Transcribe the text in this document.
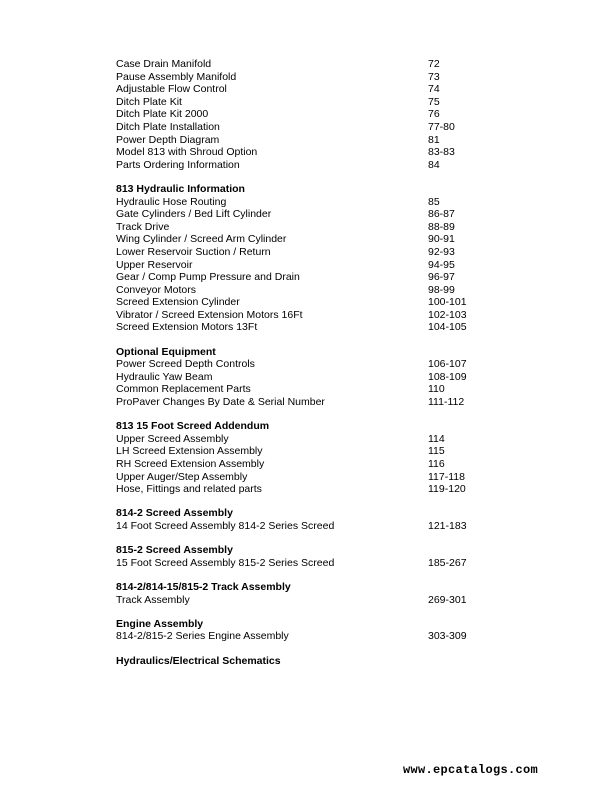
Case Drain Manifold	72
Pause Assembly Manifold	73
Adjustable Flow Control	74
Ditch Plate Kit	75
Ditch Plate Kit 2000	76
Ditch Plate Installation	77-80
Power Depth Diagram	81
Model 813 with Shroud Option	83-83
Parts Ordering Information	84
813 Hydraulic Information
Hydraulic Hose Routing	85
Gate Cylinders / Bed Lift Cylinder	86-87
Track Drive	88-89
Wing Cylinder / Screed Arm Cylinder	90-91
Lower Reservoir Suction / Return	92-93
Upper Reservoir	94-95
Gear / Comp Pump Pressure and Drain	96-97
Conveyor Motors	98-99
Screed Extension Cylinder	100-101
Vibrator / Screed Extension Motors 16Ft	102-103
Screed Extension Motors 13Ft	104-105
Optional Equipment
Power Screed Depth Controls	106-107
Hydraulic Yaw Beam	108-109
Common Replacement Parts	110
ProPaver Changes By Date & Serial Number	111-112
813 15 Foot Screed Addendum
Upper Screed Assembly	114
LH Screed Extension Assembly	115
RH Screed Extension Assembly	116
Upper Auger/Step Assembly	117-118
Hose, Fittings and related parts	119-120
814-2 Screed Assembly
14 Foot Screed Assembly 814-2 Series Screed	121-183
815-2 Screed Assembly
15 Foot Screed Assembly 815-2 Series Screed	185-267
814-2/814-15/815-2 Track Assembly
Track Assembly	269-301
Engine Assembly
814-2/815-2 Series Engine Assembly	303-309
Hydraulics/Electrical Schematics
www.epcatalogs.com
